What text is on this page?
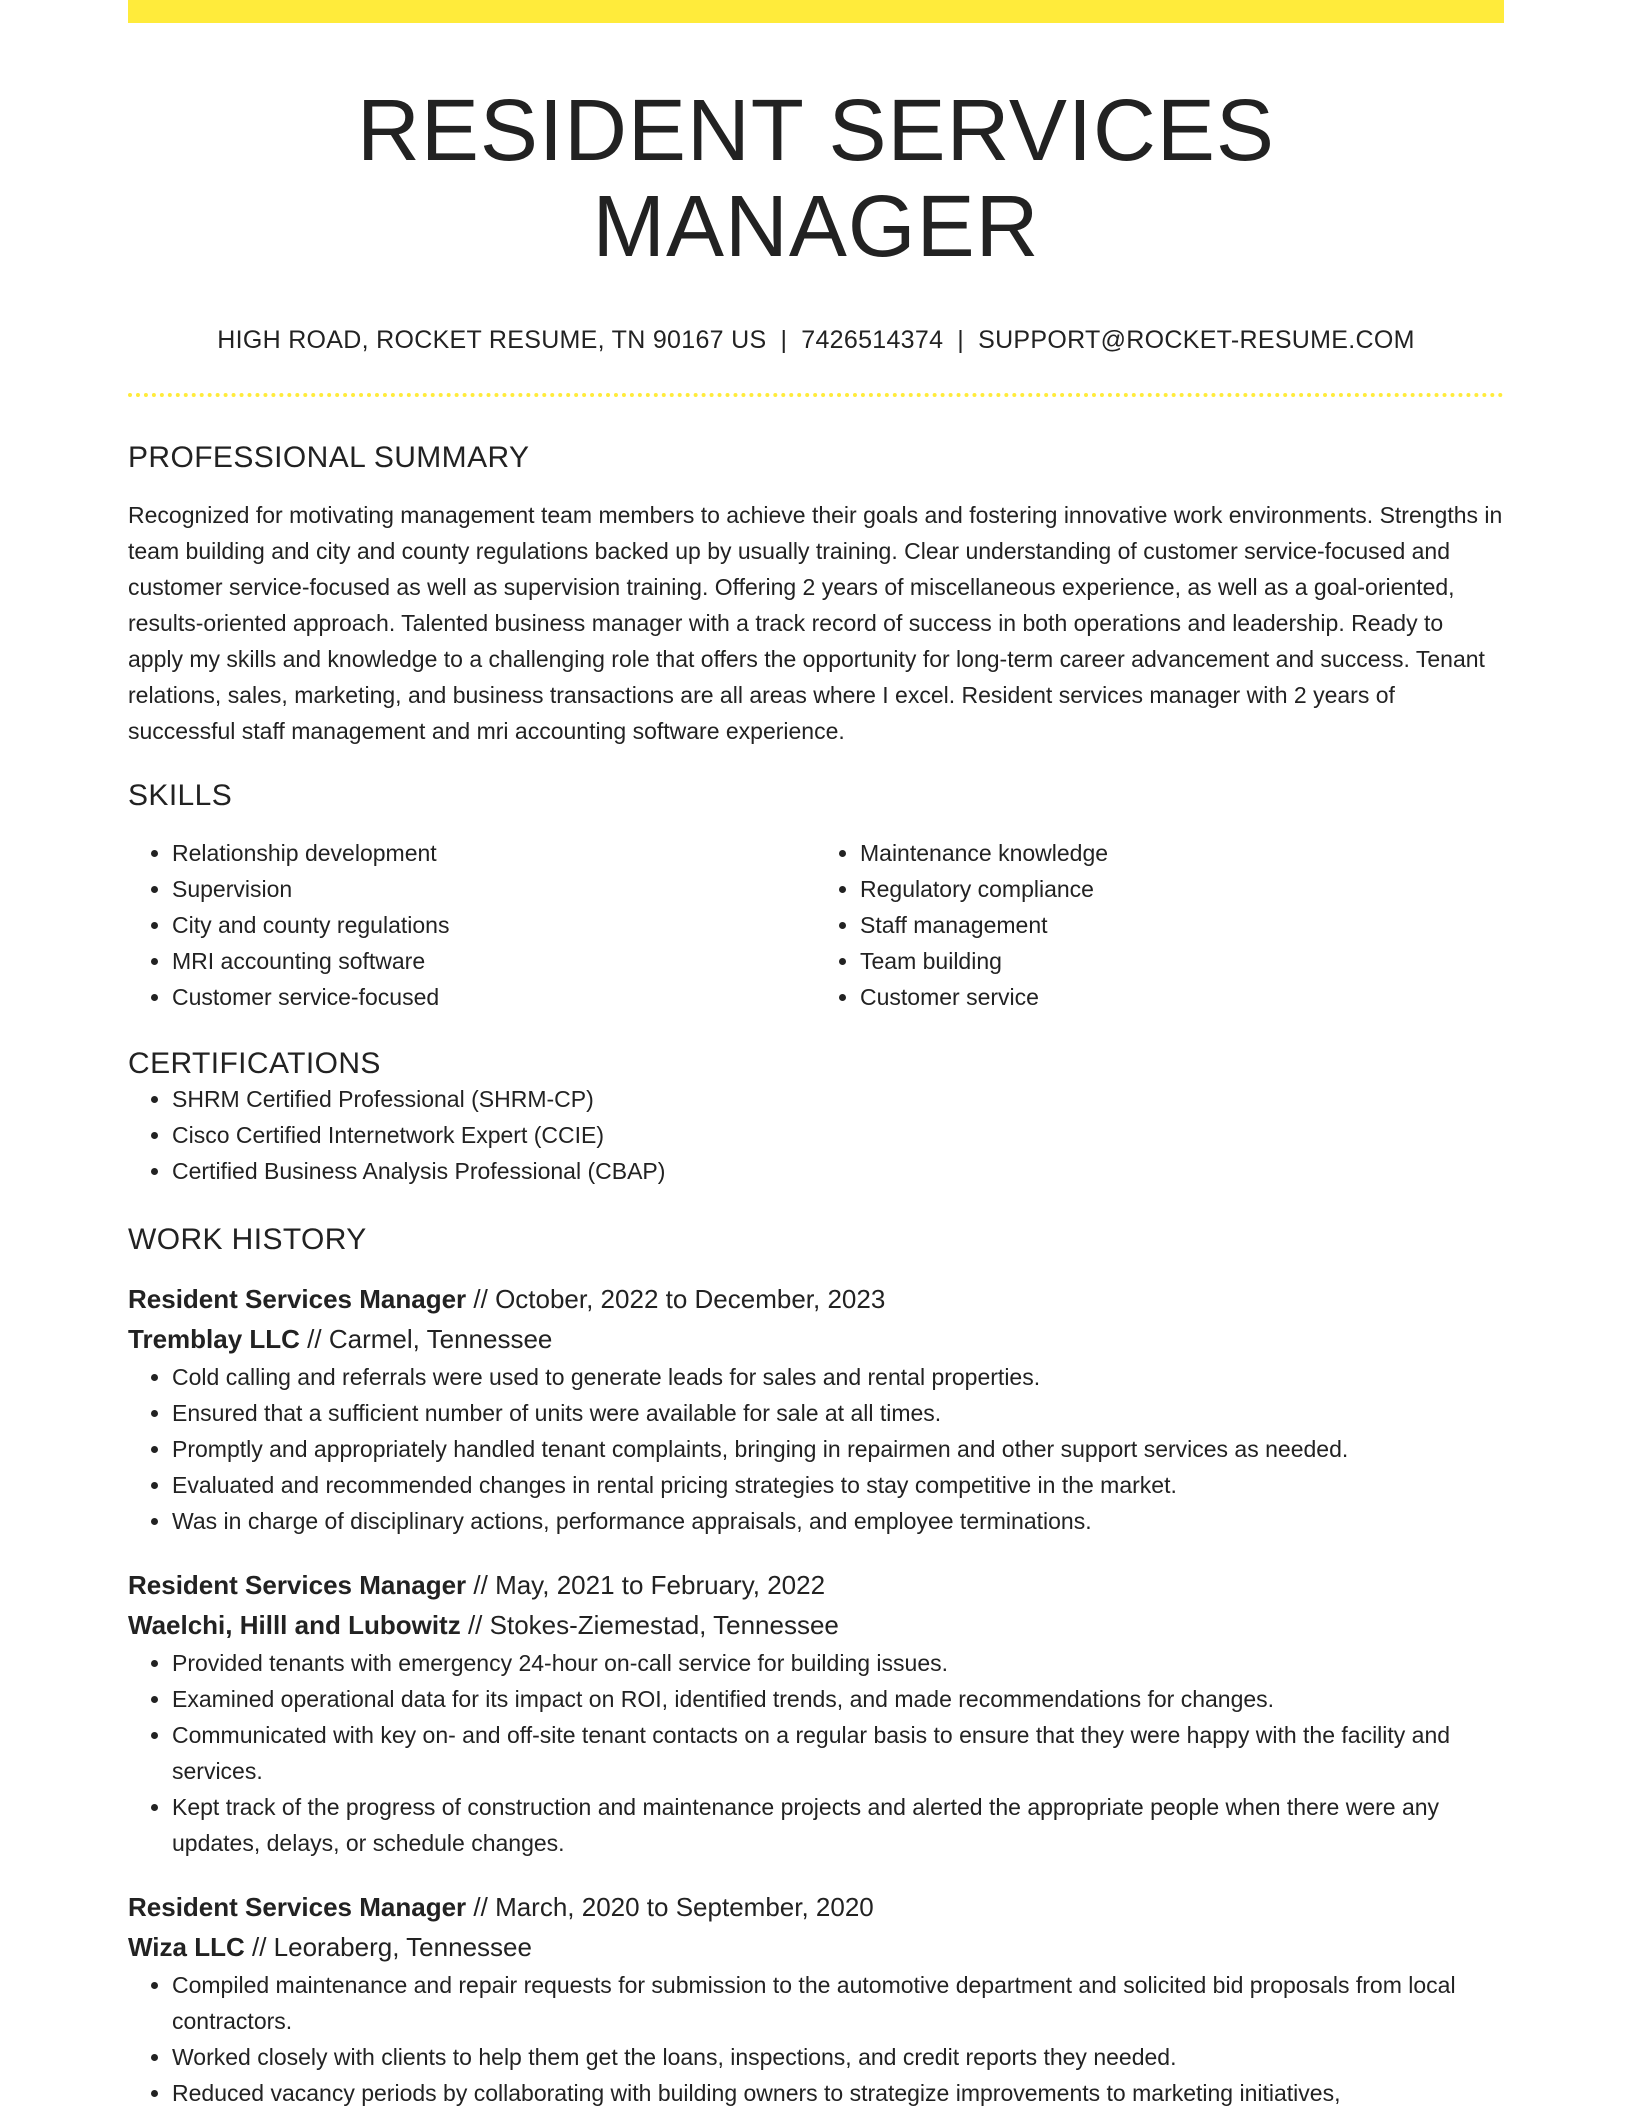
RESIDENT SERVICES MANAGER
HIGH ROAD, ROCKET RESUME, TN 90167 US | 7426514374 | SUPPORT@ROCKET-RESUME.COM
PROFESSIONAL SUMMARY
Recognized for motivating management team members to achieve their goals and fostering innovative work environments. Strengths in team building and city and county regulations backed up by usually training. Clear understanding of customer service-focused and customer service-focused as well as supervision training. Offering 2 years of miscellaneous experience, as well as a goal-oriented, results-oriented approach. Talented business manager with a track record of success in both operations and leadership. Ready to apply my skills and knowledge to a challenging role that offers the opportunity for long-term career advancement and success. Tenant relations, sales, marketing, and business transactions are all areas where I excel. Resident services manager with 2 years of successful staff management and mri accounting software experience.
SKILLS
• Relationship development
• Supervision
• City and county regulations
• MRI accounting software
• Customer service-focused
• Maintenance knowledge
• Regulatory compliance
• Staff management
• Team building
• Customer service
CERTIFICATIONS
• SHRM Certified Professional (SHRM-CP)
• Cisco Certified Internetwork Expert (CCIE)
• Certified Business Analysis Professional (CBAP)
WORK HISTORY
Resident Services Manager // October, 2022 to December, 2023
Tremblay LLC // Carmel, Tennessee
• Cold calling and referrals were used to generate leads for sales and rental properties.
• Ensured that a sufficient number of units were available for sale at all times.
• Promptly and appropriately handled tenant complaints, bringing in repairmen and other support services as needed.
• Evaluated and recommended changes in rental pricing strategies to stay competitive in the market.
• Was in charge of disciplinary actions, performance appraisals, and employee terminations.
Resident Services Manager // May, 2021 to February, 2022
Waelchi, Hilll and Lubowitz // Stokes-Ziemestad, Tennessee
• Provided tenants with emergency 24-hour on-call service for building issues.
• Examined operational data for its impact on ROI, identified trends, and made recommendations for changes.
• Communicated with key on- and off-site tenant contacts on a regular basis to ensure that they were happy with the facility and services.
• Kept track of the progress of construction and maintenance projects and alerted the appropriate people when there were any updates, delays, or schedule changes.
Resident Services Manager // March, 2020 to September, 2020
Wiza LLC // Leoraberg, Tennessee
• Compiled maintenance and repair requests for submission to the automotive department and solicited bid proposals from local contractors.
• Worked closely with clients to help them get the loans, inspections, and credit reports they needed.
• Reduced vacancy periods by collaborating with building owners to strategize improvements to marketing initiatives,
